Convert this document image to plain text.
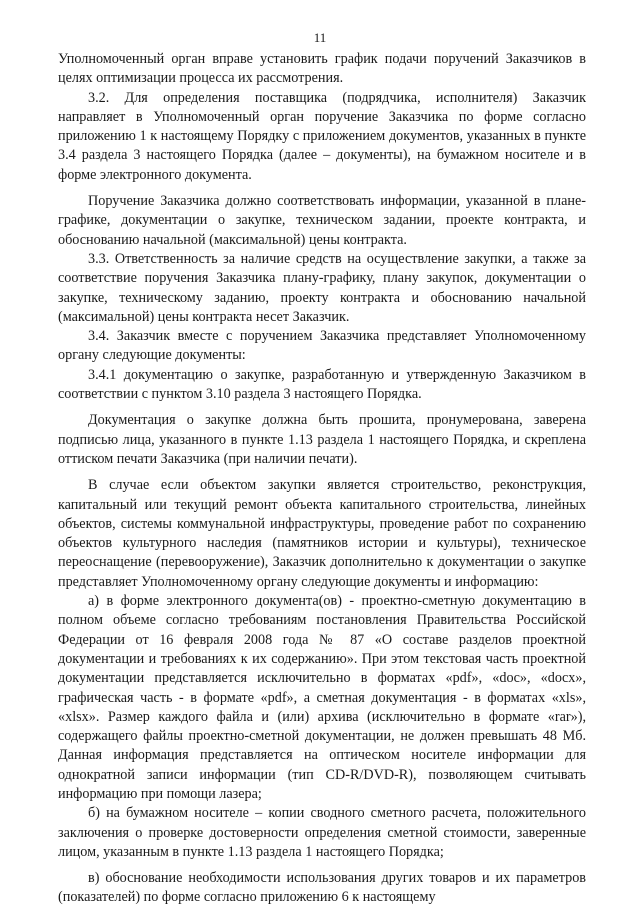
11

Уполномоченный орган вправе установить график подачи поручений Заказчиков в целях оптимизации процесса их рассмотрения.

3.2. Для определения поставщика (подрядчика, исполнителя) Заказчик направляет в Уполномоченный орган поручение Заказчика по форме согласно приложению 1 к настоящему Порядку с приложением документов, указанных в пункте 3.4 раздела 3 настоящего Порядка (далее – документы), на бумажном носителе и в форме электронного документа.

Поручение Заказчика должно соответствовать информации, указанной в плане-графике, документации о закупке, техническом задании, проекте контракта, и обоснованию начальной (максимальной) цены контракта.

3.3. Ответственность за наличие средств на осуществление закупки, а также за соответствие поручения Заказчика плану-графику, плану закупок, документации о закупке, техническому заданию, проекту контракта и обоснованию начальной (максимальной) цены контракта несет Заказчик.

3.4. Заказчик вместе с поручением Заказчика представляет Уполномоченному органу следующие документы:

3.4.1 документацию о закупке, разработанную и утвержденную Заказчиком в соответствии с пунктом 3.10 раздела 3 настоящего Порядка.

Документация о закупке должна быть прошита, пронумерована, заверена подписью лица, указанного в пункте 1.13 раздела 1 настоящего Порядка, и скреплена оттиском печати Заказчика (при наличии печати).

В случае если объектом закупки является строительство, реконструкция, капитальный или текущий ремонт объекта капитального строительства, линейных объектов, системы коммунальной инфраструктуры, проведение работ по сохранению объектов культурного наследия (памятников истории и культуры), техническое переоснащение (перевооружение), Заказчик дополнительно к документации о закупке представляет Уполномоченному органу следующие документы и информацию:

а) в форме электронного документа(ов) - проектно-сметную документацию в полном объеме согласно требованиям постановления Правительства Российской Федерации от 16 февраля 2008 года № 87 «О составе разделов проектной документации и требованиях к их содержанию». При этом текстовая часть проектной документации представляется исключительно в форматах «pdf», «doc», «docx», графическая часть - в формате «pdf», а сметная документация - в форматах «xls», «xlsx». Размер каждого файла и (или) архива (исключительно в формате «rar»), содержащего файлы проектно-сметной документации, не должен превышать 48 Мб. Данная информация представляется на оптическом носителе информации для однократной записи информации (тип CD-R/DVD-R), позволяющем считывать информацию при помощи лазера;

б) на бумажном носителе – копии сводного сметного расчета, положительного заключения о проверке достоверности определения сметной стоимости, заверенные лицом, указанным в пункте 1.13 раздела 1 настоящего Порядка;

в) обоснование необходимости использования других товаров и их параметров (показателей) по форме согласно приложению 6 к настоящему
